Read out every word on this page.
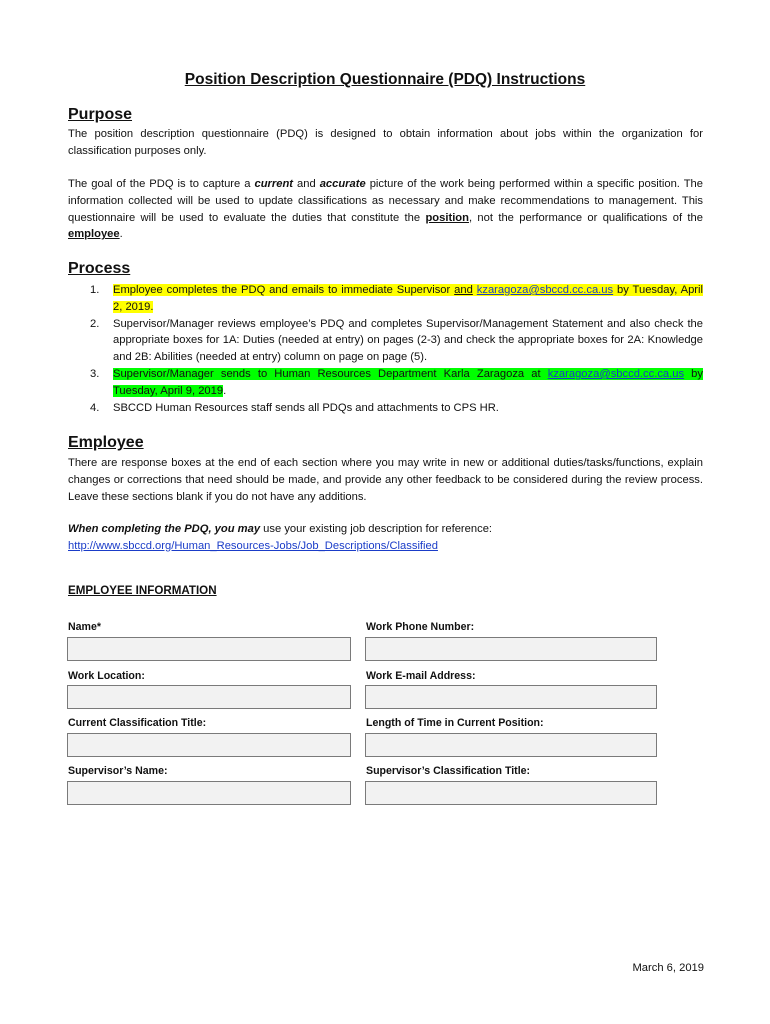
Position Description Questionnaire (PDQ) Instructions
Purpose
The position description questionnaire (PDQ) is designed to obtain information about jobs within the organization for classification purposes only.
The goal of the PDQ is to capture a current and accurate picture of the work being performed within a specific position. The information collected will be used to update classifications as necessary and make recommendations to management. This questionnaire will be used to evaluate the duties that constitute the position, not the performance or qualifications of the employee.
Process
1. Employee completes the PDQ and emails to immediate Supervisor and kzaragoza@sbccd.cc.ca.us by Tuesday, April 2, 2019.
2. Supervisor/Manager reviews employee’s PDQ and completes Supervisor/Management Statement and also check the appropriate boxes for 1A: Duties (needed at entry) on pages (2-3) and check the appropriate boxes for 2A: Knowledge and 2B: Abilities (needed at entry) column on page on page (5).
3. Supervisor/Manager sends to Human Resources Department Karla Zaragoza at kzaragoza@sbccd.cc.ca.us by Tuesday, April 9, 2019.
4. SBCCD Human Resources staff sends all PDQs and attachments to CPS HR.
Employee
There are response boxes at the end of each section where you may write in new or additional duties/tasks/functions, explain changes or corrections that need should be made, and provide any other feedback to be considered during the review process. Leave these sections blank if you do not have any additions.
When completing the PDQ, you may use your existing job description for reference:
http://www.sbccd.org/Human_Resources-Jobs/Job_Descriptions/Classified
EMPLOYEE INFORMATION
Name*	Work Phone Number:
Work Location:	Work E-mail Address:
Current Classification Title:	Length of Time in Current Position:
Supervisor’s Name:	Supervisor’s Classification Title:
March 6, 2019
